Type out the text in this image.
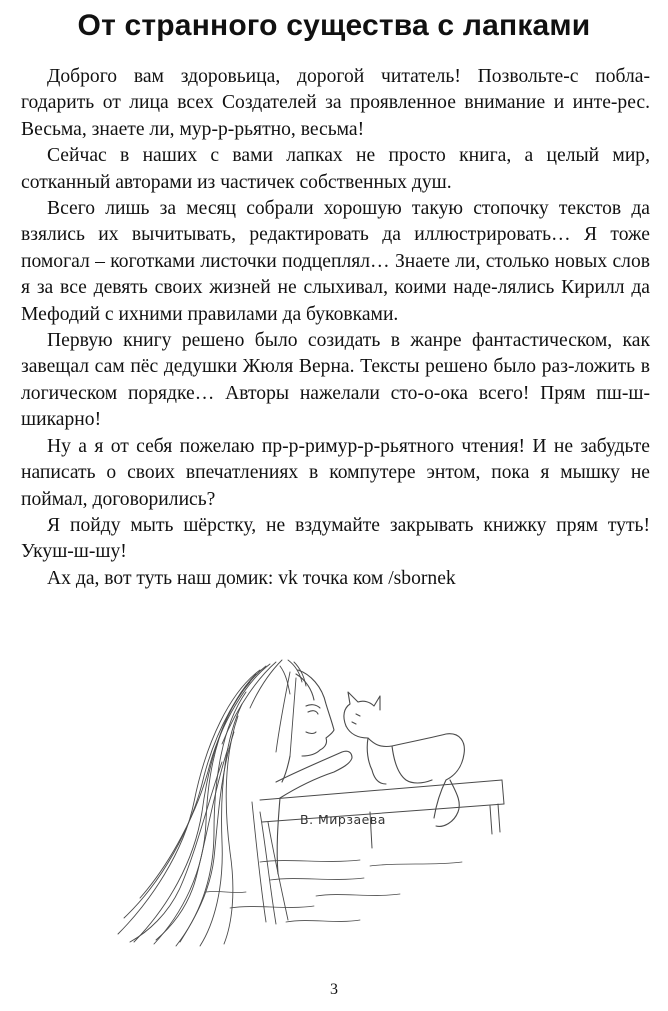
От странного существа с лапками

Доброго вам здоровьица, дорогой читатель! Позвольте-с побла-годарить от лица всех Создателей за проявленное внимание и инте-рес. Весьма, знаете ли, мур-р-рьятно, весьма!

Сейчас в наших с вами лапках не просто книга, а целый мир, сотканный авторами из частичек собственных душ.

Всего лишь за месяц собрали хорошую такую стопочку текстов да взялись их вычитывать, редактировать да иллюстрировать… Я тоже помогал – коготками листочки подцеплял… Знаете ли, столько новых слов я за все девять своих жизней не слыхивал, коими наде-лялись Кирилл да Мефодий с ихними правилами да буковками.

Первую книгу решено было созидать в жанре фантастическом, как завещал сам пёс дедушки Жюля Верна. Тексты решено было раз-ложить в логическом порядке… Авторы нажелали сто-о-ока всего! Прям пш-ш-шикарно!

Ну а я от себя пожелаю пр-р-римур-р-рьятного чтения! И не забудьте написать о своих впечатлениях в компутере энтом, пока я мышку не поймал, договорились?

Я пойду мыть шёрстку, не вздумайте закрывать книжку прям туть! Укуш-ш-шу!

Ах да, вот туть наш домик: vk точка ком /sbornek

В. Мирзаева
3
